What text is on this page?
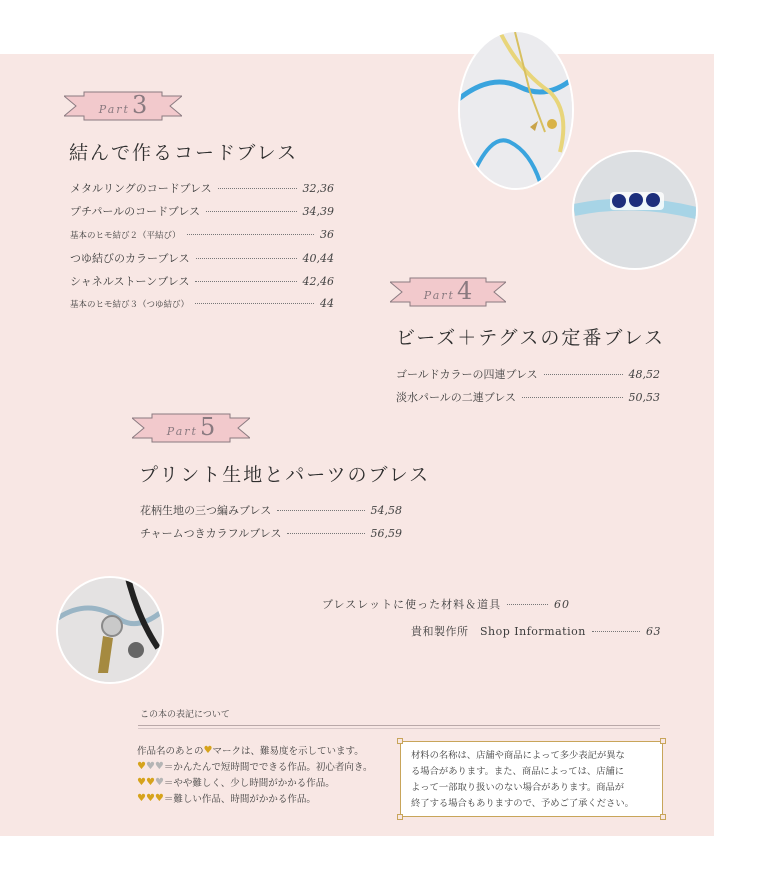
Part 3
結んで作るコードブレス
メタルリングのコードブレス	32,36
プチパールのコードブレス	34,39
基本のヒモ結び２（平結び）	36
つゆ結びのカラーブレス	40,44
シャネルストーンブレス	42,46
基本のヒモ結び３（つゆ結び）	44
Part 4
ビーズ＋テグスの定番ブレス
ゴールドカラーの四連ブレス	48,52
淡水パールの二連ブレス	50,53
Part 5
プリント生地とパーツのブレス
花柄生地の三つ編みブレス	54,58
チャームつきカラフルブレス	56,59
ブレスレットに使った材料＆道具	60
貴和製作所　Shop Information	63
この本の表記について
作品名のあとの ♥ マークは、難易度を示しています。
♥ ♥♥ ＝かんたんで短時間でできる作品。初心者向き。
♥♥ ♥ ＝やや難しく、少し時間がかかる作品。
♥♥♥ ＝難しい作品、時間がかかる作品。
材料の名称は、店舗や商品によって多少表記が異な
る場合があります。また、商品によっては、店舗に
よって一部取り扱いのない場合があります。商品が
終了する場合もありますので、予めご了承ください。
